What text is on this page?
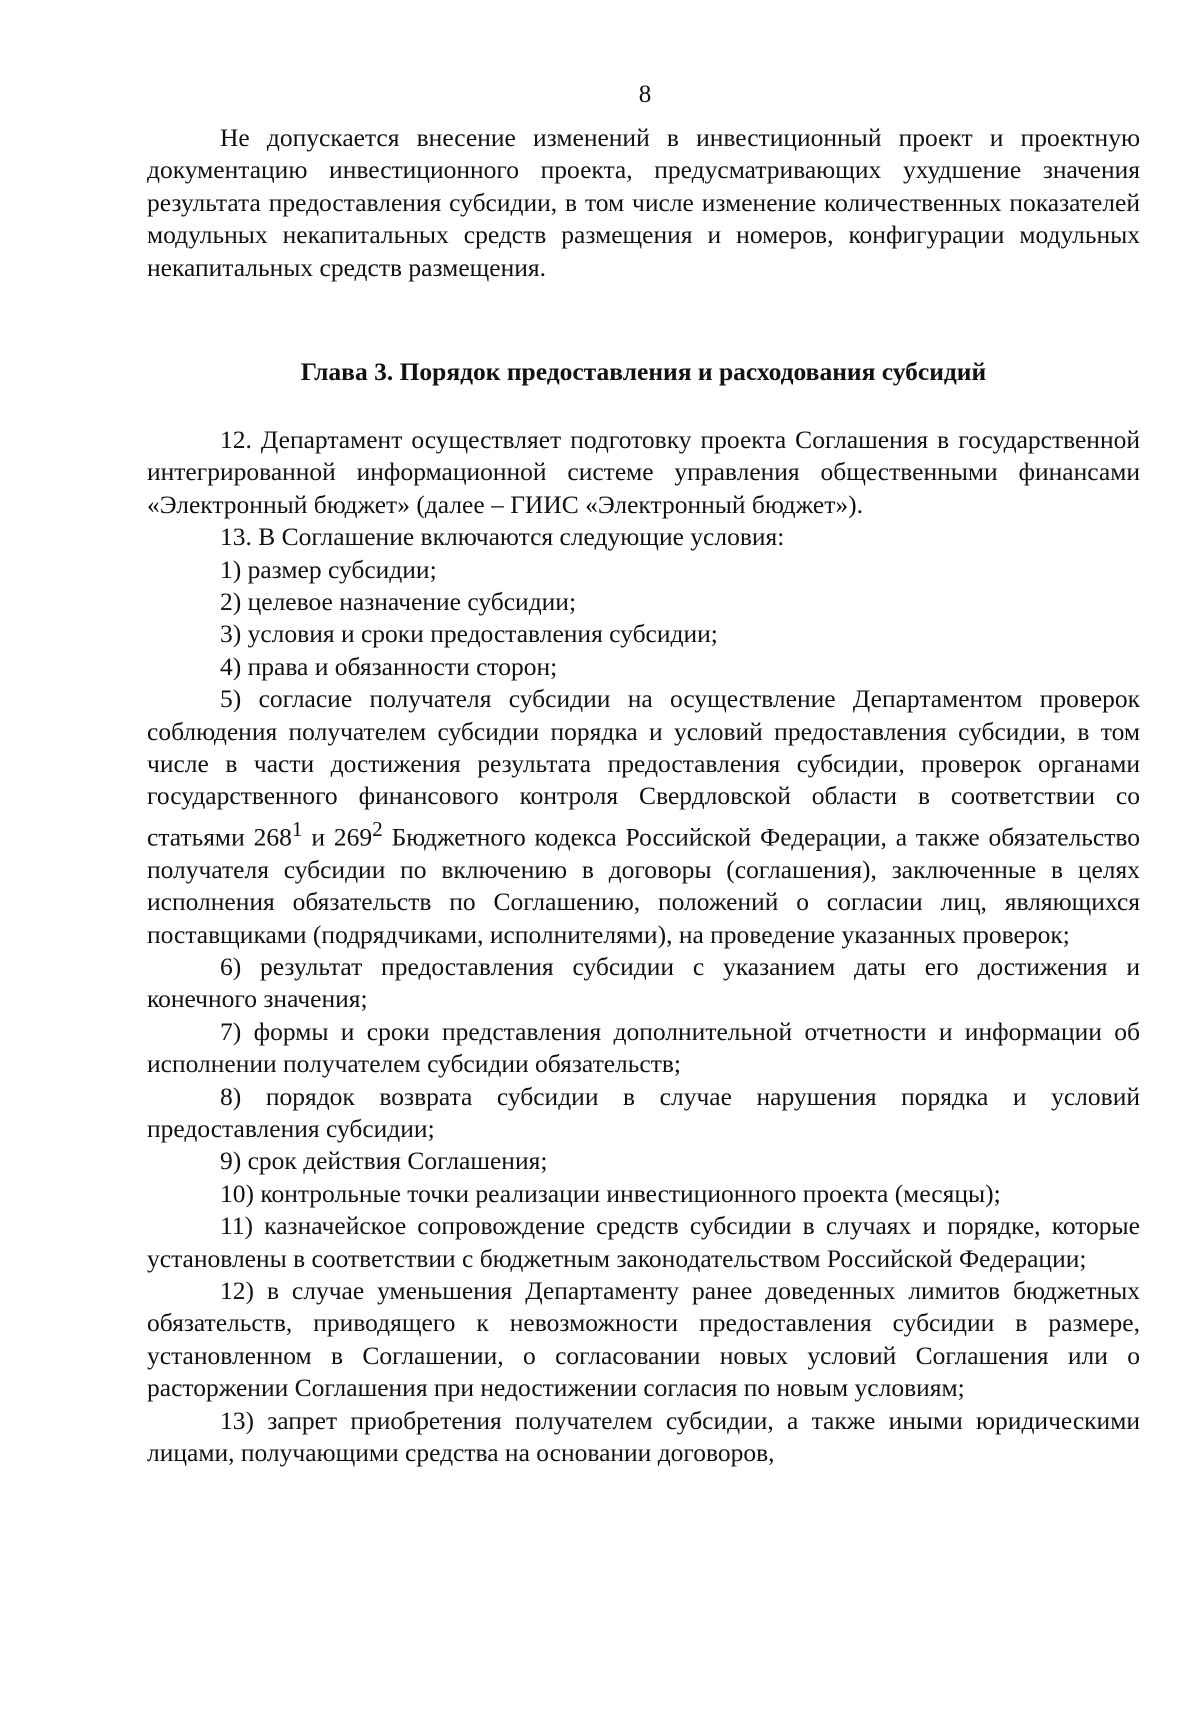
8

Не допускается внесение изменений в инвестиционный проект и проектную документацию инвестиционного проекта, предусматривающих ухудшение значения результата предоставления субсидии, в том числе изменение количественных показателей модульных некапитальных средств размещения и номеров, конфигурации модульных некапитальных средств размещения.

Глава 3. Порядок предоставления и расходования субсидий

12. Департамент осуществляет подготовку проекта Соглашения в государственной интегрированной информационной системе управления общественными финансами «Электронный бюджет» (далее – ГИИС «Электронный бюджет»).

13. В Соглашение включаются следующие условия:

1) размер субсидии;

2) целевое назначение субсидии;

3) условия и сроки предоставления субсидии;

4) права и обязанности сторон;

5) согласие получателя субсидии на осуществление Департаментом проверок соблюдения получателем субсидии порядка и условий предоставления субсидии, в том числе в части достижения результата предоставления субсидии, проверок органами государственного финансового контроля Свердловской области в соответствии со статьями $268^1$ и $269^2$ Бюджетного кодекса Российской Федерации, а также обязательство получателя субсидии по включению в договоры (соглашения), заключенные в целях исполнения обязательств по Соглашению, положений о согласии лиц, являющихся поставщиками (подрядчиками, исполнителями), на проведение указанных проверок;

6) результат предоставления субсидии с указанием даты его достижения и конечного значения;

7) формы и сроки представления дополнительной отчетности и информации об исполнении получателем субсидии обязательств;

8) порядок возврата субсидии в случае нарушения порядка и условий предоставления субсидии;

9) срок действия Соглашения;

10) контрольные точки реализации инвестиционного проекта (месяцы);

11) казначейское сопровождение средств субсидии в случаях и порядке, которые установлены в соответствии с бюджетным законодательством Российской Федерации;

12) в случае уменьшения Департаменту ранее доведенных лимитов бюджетных обязательств, приводящего к невозможности предоставления субсидии в размере, установленном в Соглашении, о согласовании новых условий Соглашения или о расторжении Соглашения при недостижении согласия по новым условиям;

13) запрет приобретения получателем субсидии, а также иными юридическими лицами, получающими средства на основании договоров,
